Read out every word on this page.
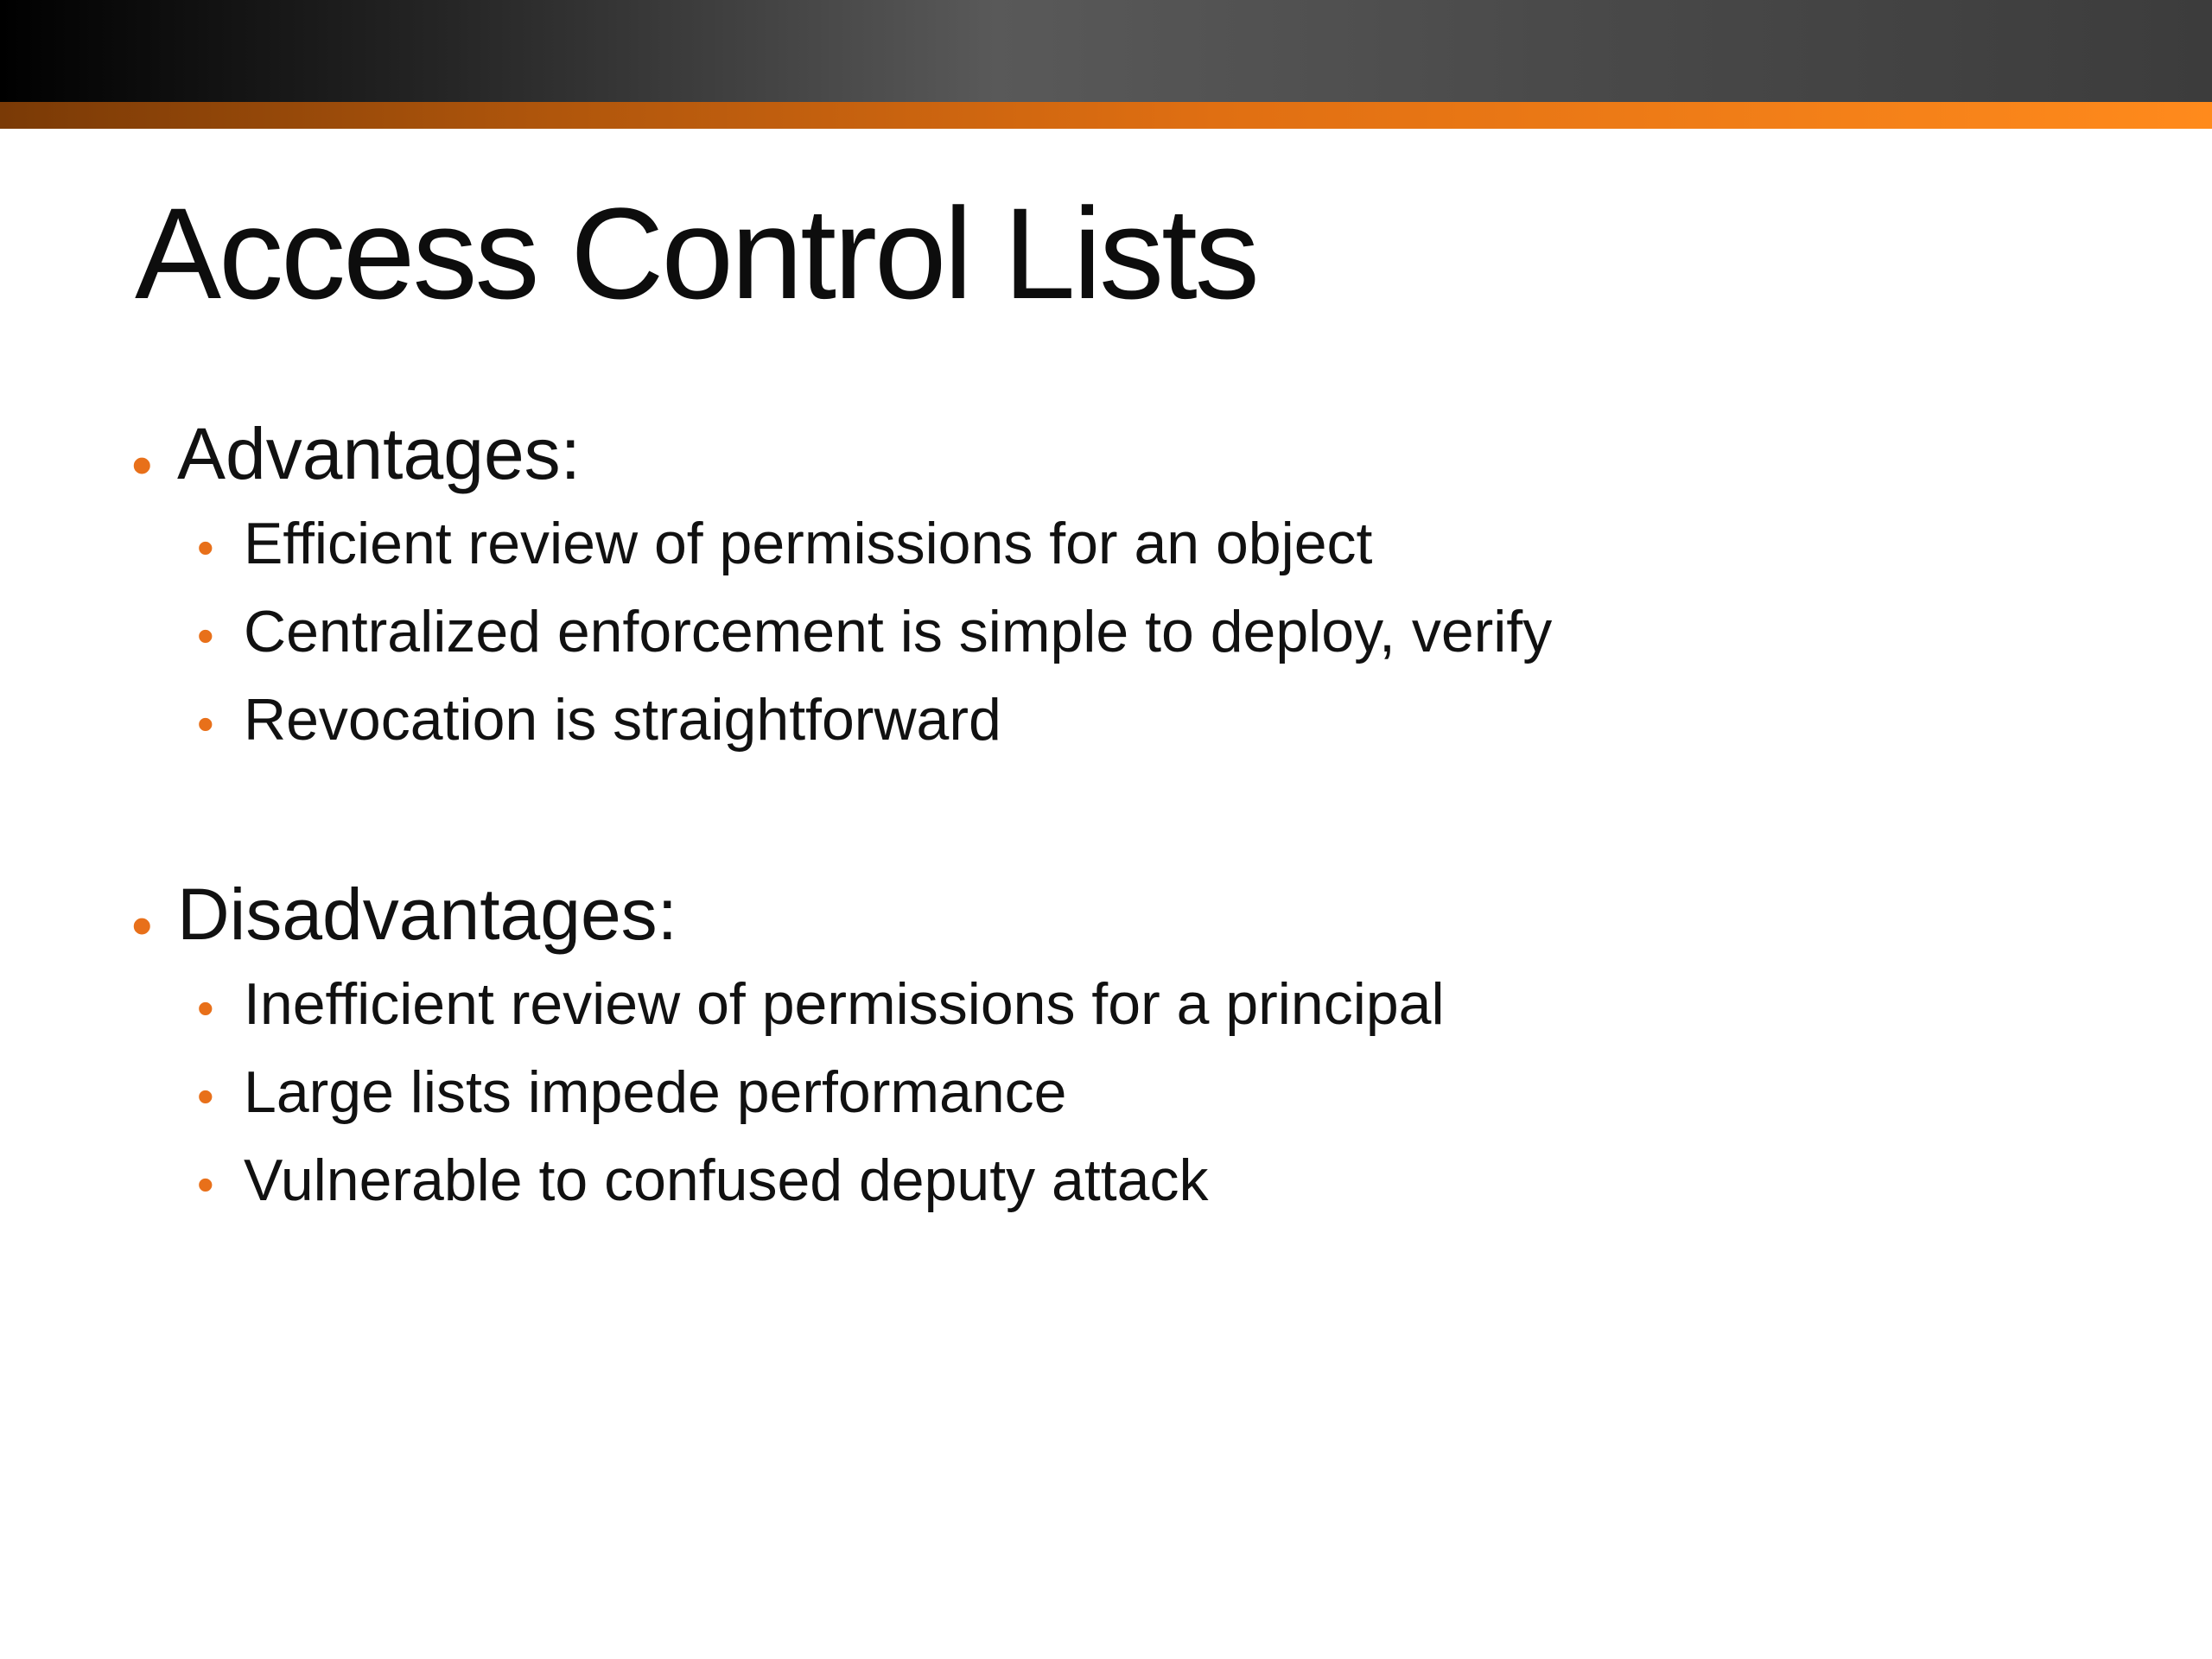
Access Control Lists
• Advantages:
• Efficient review of permissions for an object
• Centralized enforcement is simple to deploy, verify
• Revocation is straightforward
• Disadvantages:
• Inefficient review of permissions for a principal
• Large lists impede performance
• Vulnerable to confused deputy attack
